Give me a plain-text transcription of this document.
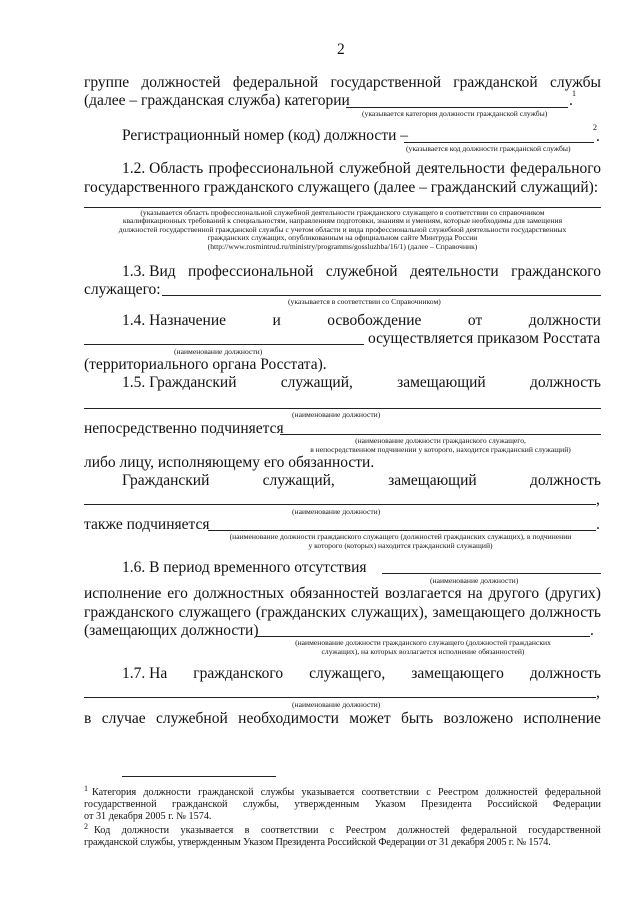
2
группе должностей федеральной государственной гражданской службы
(далее – гражданская служба) категории	. 1
(указывается категория должности гражданской службы)
Регистрационный номер (код) должности –	.
2
(указывается код должности гражданской службы)
1.2. Область профессиональной служебной деятельности федерального
государственного гражданского служащего (далее – гражданский служащий):
(указывается область профессиональной служебной деятельности гражданского служащего в соответствии со справочником
квалификационных требований к специальностям, направлениям подготовки, знаниям и умениям, которые необходимы для замещения
должностей государственной гражданской службы с учетом области и вида профессиональной служебной деятельности государственных
гражданских служащих, опубликованным на официальном сайте Минтруда России
(http://www.rosmintrud.ru/ministry/programms/gossluzhba/16/1) (далее – Справочник)
1.3. Вид профессиональной служебной деятельности гражданского
служащего:
(указывается в соответствии со Справочником)
1.4. Назначение	и	освобождение	от	должности
осуществляется приказом Росстата
(наименование должности)
(территориального органа Росстата).
1.5. Гражданский	служащий,	замещающий	должность
(наименование должности)
непосредственно подчиняется
(наименование должности гражданского служащего,
в непосредственном подчинении у которого, находится гражданский служащий)
либо лицу, исполняющему его обязанности.
Гражданский	служащий,	замещающий	должность
,
(наименование должности)
также подчиняется	.
(наименование должности гражданского служащего (должностей гражданских служащих), в подчинении
у которого (которых) находится гражданский служащий)
1.6. В период временного отсутствия
(наименование должности)
исполнение его должностных обязанностей возлагается на другого (других)
гражданского служащего (гражданских служащих), замещающего должность
(замещающих должности)	.
(наименование должности гражданского служащего (должностей гражданских
служащих), на которых возлагается исполнение обязанностей)
1.7. На гражданского служащего, замещающего должность
,
(наименование должности)
в случае служебной необходимости может быть возложено исполнение
1 Категория должности гражданской службы указывается соответствии с Реестром должностей федеральной
государственной гражданской службы, утвержденным Указом Президента Российской Федерации
от 31 декабря 2005 г. № 1574.
2 Код должности указывается в соответствии с Реестром должностей федеральной государственной
гражданской службы, утвержденным Указом Президента Российской Федерации от 31 декабря 2005 г. № 1574.
